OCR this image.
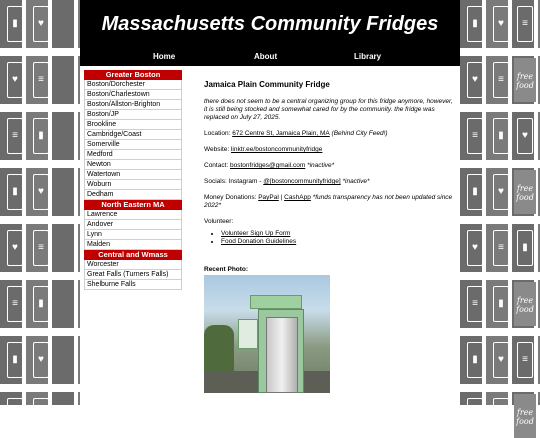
▮	♥
♥	≡
≡	▮
▮	♥
♥	≡
≡	▮
▮	♥
♥	≡
▮	♥	≡
♥	≡	free food
≡	▮	♥
▮	♥	free food
♥	≡	▮
≡	▮	free food
▮	♥	≡
♥	≡	free food
Massachusetts Community Fridges
Home	About	Library
Greater Boston
Boston/Dorchester
Boston/Charlestown
Boston/Allston-Brighton
Boston/JP
Brookline
Cambridge/Coast
Somerville
Medford
Newton
Watertown
Woburn
Dedham
North Eastern MA
Lawrence
Andover
Lynn
Malden
Central and Wmass
Worcester
Great Falls (Turners Falls)
Shelburne Falls
Jamaica Plain Community Fridge

there does not seem to be a central organizing group for this fridge anymore, however, it is still being stocked and somewhat cared for by the community. the fridge was replaced on July 27, 2025.

Location: 672 Centre St, Jamaica Plain, MA (Behind City Feed!)

Website: linktr.ee/bostoncommunityfridge

Contact: bostonfridges@gmail.com *inactive*

Socials: Instagram - @[bostoncommunityfridge] *inactive*

Money Donations: PayPal | CashApp *funds transparency has not been updated since 2022*

Volunteer:

• Volunteer Sign Up Form
• Food Donation Guidelines
Recent Photo:
